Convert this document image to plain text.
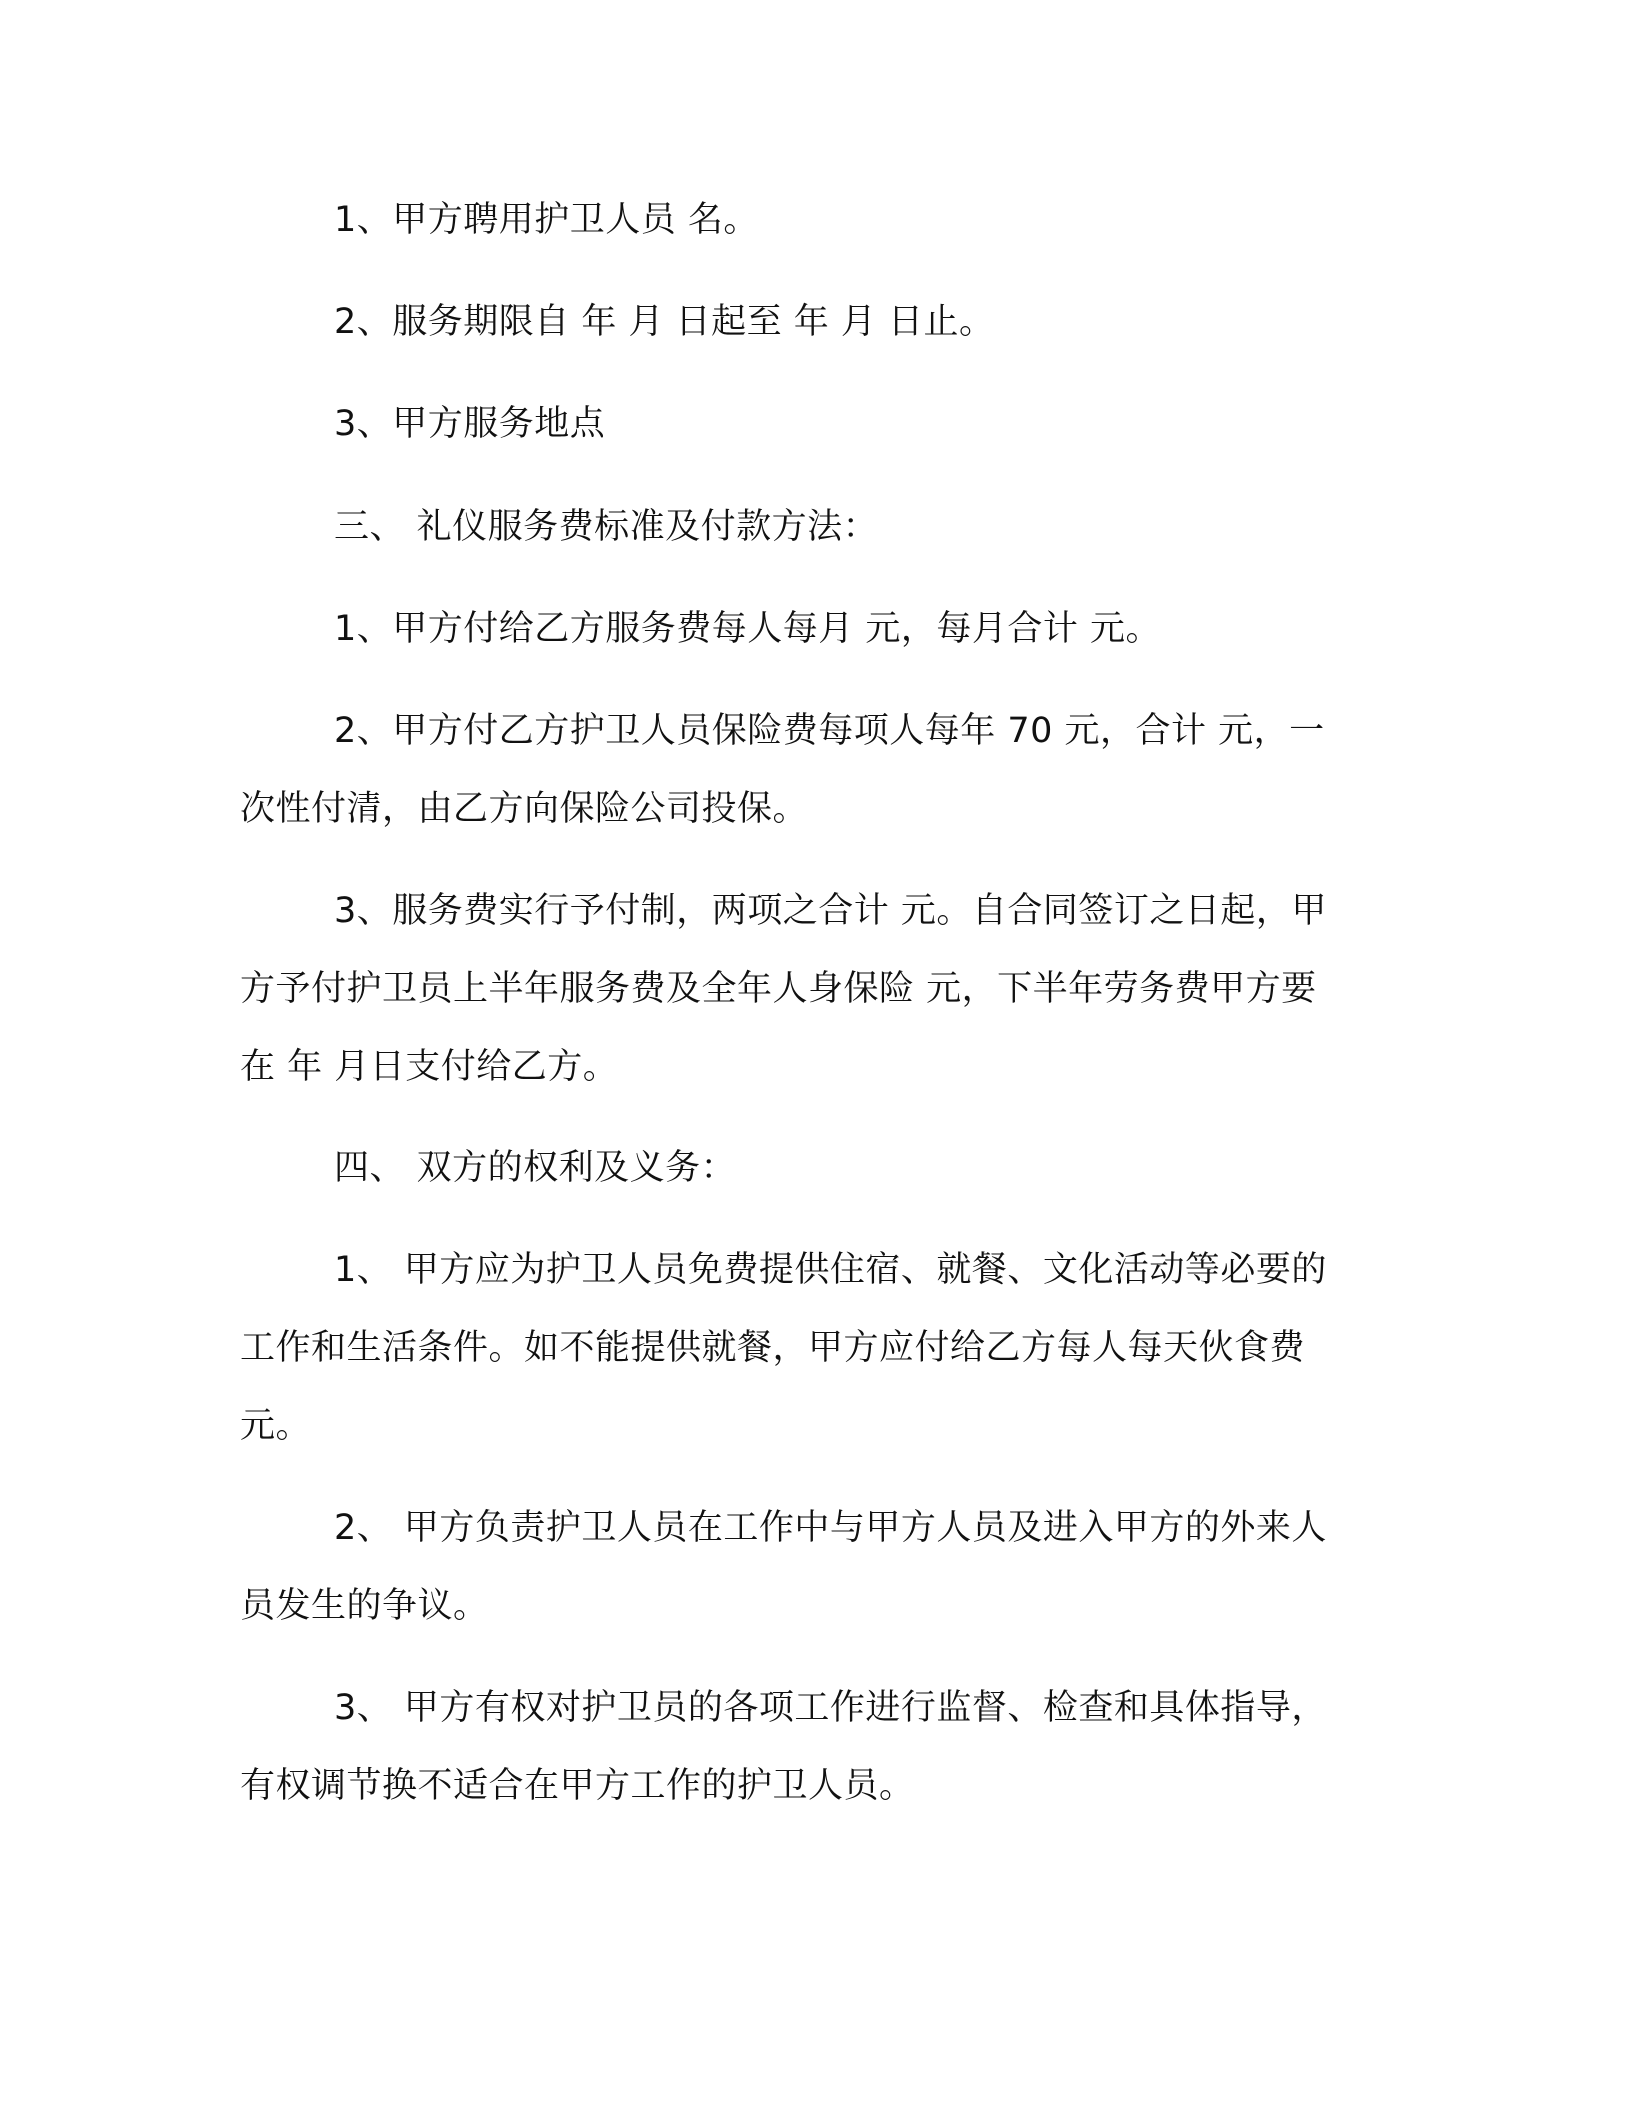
1、甲方聘用护卫人员 名。
2、服务期限自 年 月 日起至 年 月 日止。
3、甲方服务地点
三、 礼仪服务费标准及付款方法：
1、甲方付给乙方服务费每人每月 元，每月合计 元。
2、甲方付乙方护卫人员保险费每项人每年 70 元，合计 元，一
次性付清，由乙方向保险公司投保。
3、服务费实行予付制，两项之合计 元。自合同签订之日起，甲
方予付护卫员上半年服务费及全年人身保险 元，下半年劳务费甲方要
在 年 月日支付给乙方。
四、 双方的权利及义务：
1、 甲方应为护卫人员免费提供住宿、就餐、文化活动等必要的
工作和生活条件。如不能提供就餐，甲方应付给乙方每人每天伙食费
元。
2、 甲方负责护卫人员在工作中与甲方人员及进入甲方的外来人
员发生的争议。
3、 甲方有权对护卫员的各项工作进行监督、检查和具体指导，
有权调节换不适合在甲方工作的护卫人员。
